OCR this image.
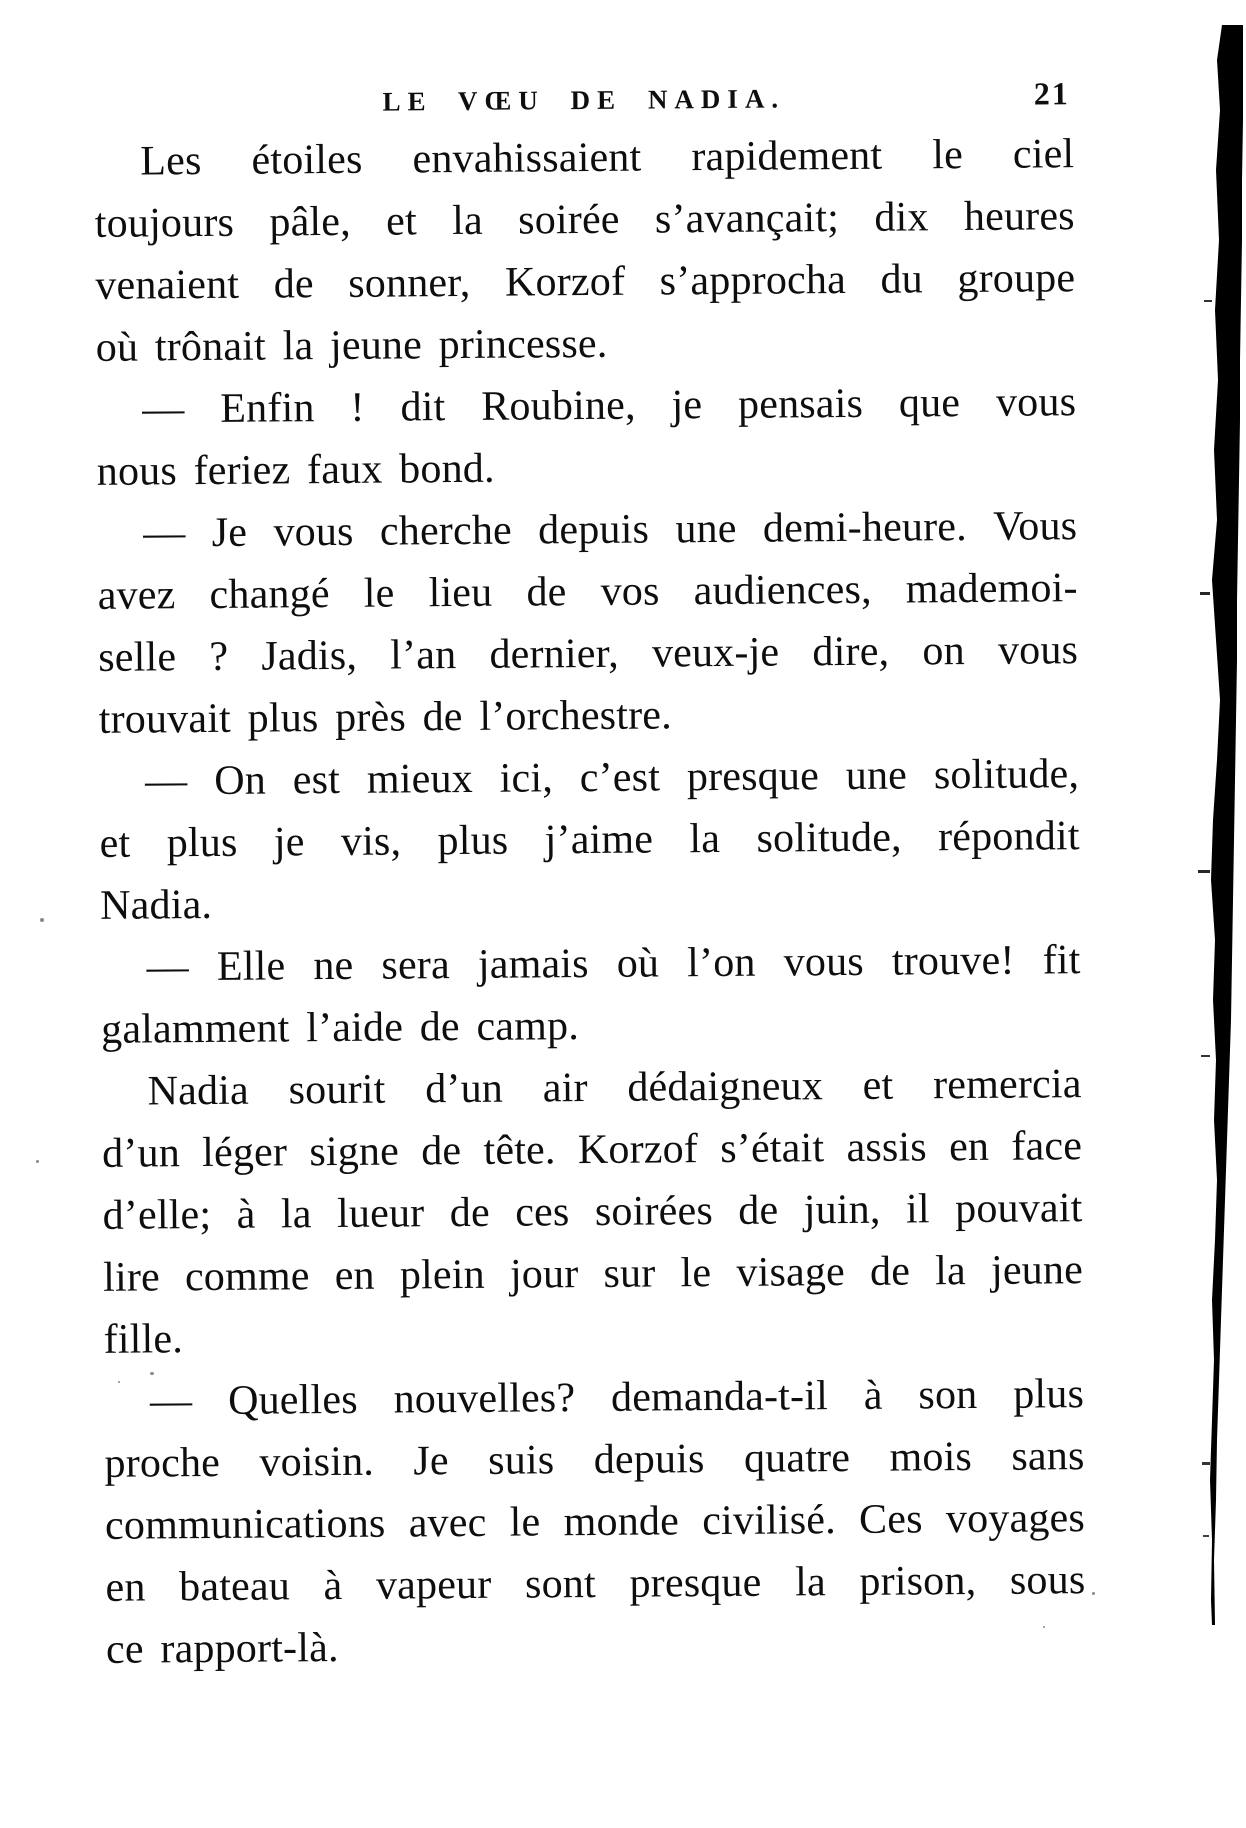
LE VŒU DE NADIA.	21
Les étoiles envahissaient rapidement le ciel
toujours pâle, et la soirée s’avançait; dix heures
venaient de sonner, Korzof s’approcha du groupe
où trônait la jeune princesse.
— Enfin ! dit Roubine, je pensais que vous
nous feriez faux bond.
— Je vous cherche depuis une demi-heure. Vous
avez changé le lieu de vos audiences, mademoi-
selle ? Jadis, l’an dernier, veux-je dire, on vous
trouvait plus près de l’orchestre.
— On est mieux ici, c’est presque une solitude,
et plus je vis, plus j’aime la solitude, répondit
Nadia.
— Elle ne sera jamais où l’on vous trouve! fit
galamment l’aide de camp.
Nadia sourit d’un air dédaigneux et remercia
d’un léger signe de tête. Korzof s’était assis en face
d’elle; à la lueur de ces soirées de juin, il pouvait
lire comme en plein jour sur le visage de la jeune
fille.
— Quelles nouvelles? demanda-t-il à son plus
proche voisin. Je suis depuis quatre mois sans
communications avec le monde civilisé. Ces voyages
en bateau à vapeur sont presque la prison, sous
ce rapport-là.
